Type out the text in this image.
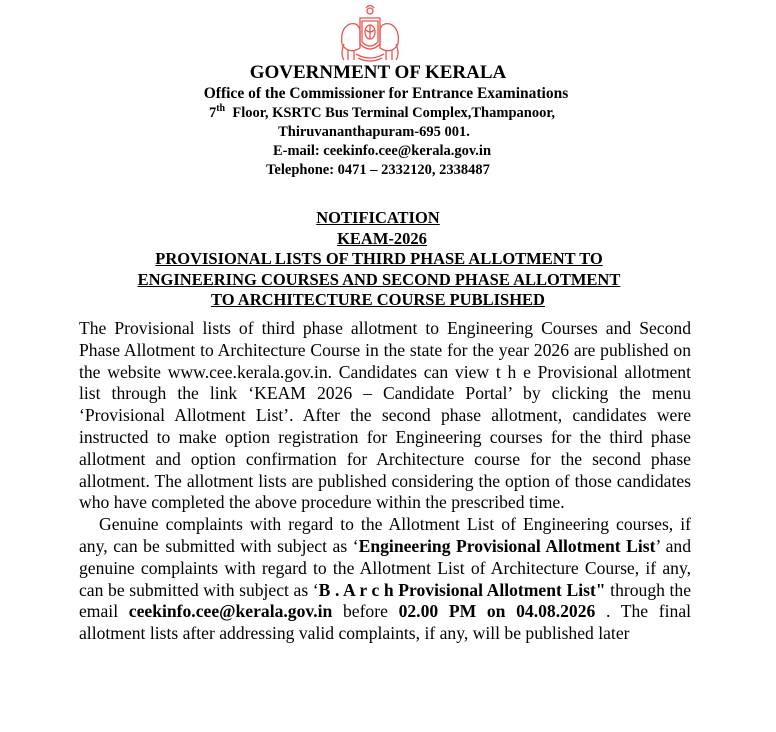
GOVERNMENT OF KERALA
Office of the Commissioner for Entrance Examinations
7th  Floor, KSRTC Bus Terminal Complex,Thampanoor,
Thiruvananthapuram-695 001.
E-mail: ceekinfo.cee@kerala.gov.in
Telephone: 0471 – 2332120, 2338487
NOTIFICATION
KEAM-2026
PROVISIONAL LISTS OF THIRD PHASE ALLOTMENT TO
ENGINEERING COURSES AND SECOND PHASE ALLOTMENT
TO ARCHITECTURE COURSE PUBLISHED

The Provisional lists of third phase allotment to Engineering Courses and Second Phase Allotment to Architecture Course in the state for the year 2026 are published on the website www.cee.kerala.gov.in. Candidates can view t h e Provisional allotment list through the link ‘KEAM 2026 – Candidate Portal’ by clicking the menu ‘Provisional Allotment List’. After the second phase allotment, candidates were instructed to make option registration for Engineering courses for the third phase allotment and option confirmation for Architecture course for the second phase allotment. The allotment lists are published considering the option of those candidates who have completed the above procedure within the prescribed time.

Genuine complaints with regard to the Allotment List of Engineering courses, if any, can be submitted with subject as ‘Engineering Provisional Allotment List’ and genuine complaints with regard to the Allotment List of Architecture Course, if any, can be submitted with subject as ‘B . A r c h Provisional Allotment List" through the email ceekinfo.cee@kerala.gov.in before 02.00 PM on 04.08.2026 . The final allotment lists after addressing valid complaints, if any, will be published later
